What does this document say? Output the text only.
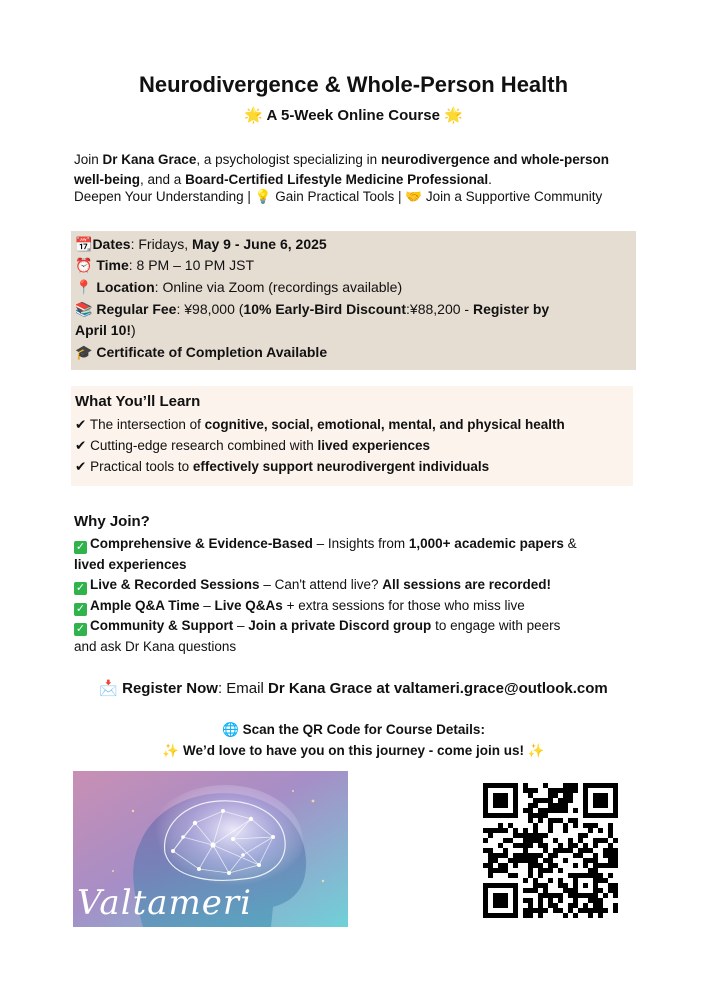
Neurodivergence & Whole-Person Health
🌟 A 5-Week Online Course 🌟
Join Dr Kana Grace, a psychologist specializing in neurodivergence and whole-person well-being, and a Board-Certified Lifestyle Medicine Professional.
Deepen Your Understanding | 💡 Gain Practical Tools | 🤝 Join a Supportive Community
📆Dates: Fridays, May 9 - June 6, 2025
⏰ Time: 8 PM – 10 PM JST
📍 Location: Online via Zoom (recordings available)
📚 Regular Fee: ¥98,000 (10% Early-Bird Discount:¥88,200 - Register by
April 10!)
🎓 Certificate of Completion Available
What You’ll Learn
✔ The intersection of cognitive, social, emotional, mental, and physical health
✔ Cutting-edge research combined with lived experiences
✔ Practical tools to effectively support neurodivergent individuals
Why Join?
✓ Comprehensive & Evidence-Based – Insights from 1,000+ academic papers &
lived experiences
✓ Live & Recorded Sessions – Can't attend live? All sessions are recorded!
✓ Ample Q&A Time – Live Q&As + extra sessions for those who miss live
✓ Community & Support – Join a private Discord group to engage with peers
and ask Dr Kana questions
📩 Register Now: Email Dr Kana Grace at valtameri.grace@outlook.com
🌐 Scan the QR Code for Course Details:
✨ We’d love to have you on this journey - come join us! ✨
Valtameri
